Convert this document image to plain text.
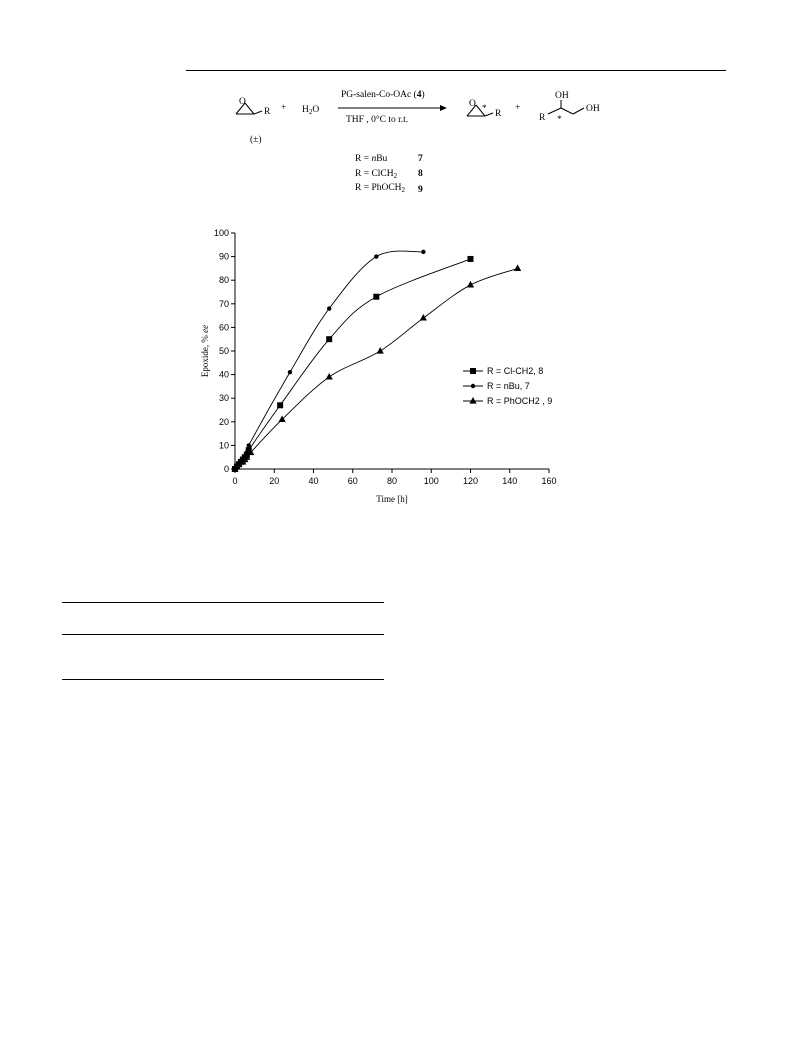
O
R
(±)
+ $H_2O$
PG-salen-Co-OAc (4)
THF , 0°C to r.t.
O * R
+
OH
OH
R *
R = nBu	7
R = ClCH$_2$ 8
R = PhOCH$_2$ 9
0
10
20
30
40
50
60
70
80
90
100
0	20	40	60	80	100	120	140	160
R = Cl-CH2, 8
R = nBu, 7
R = PhOCH2 , 9
Time [h]
Epoxide, % ee
